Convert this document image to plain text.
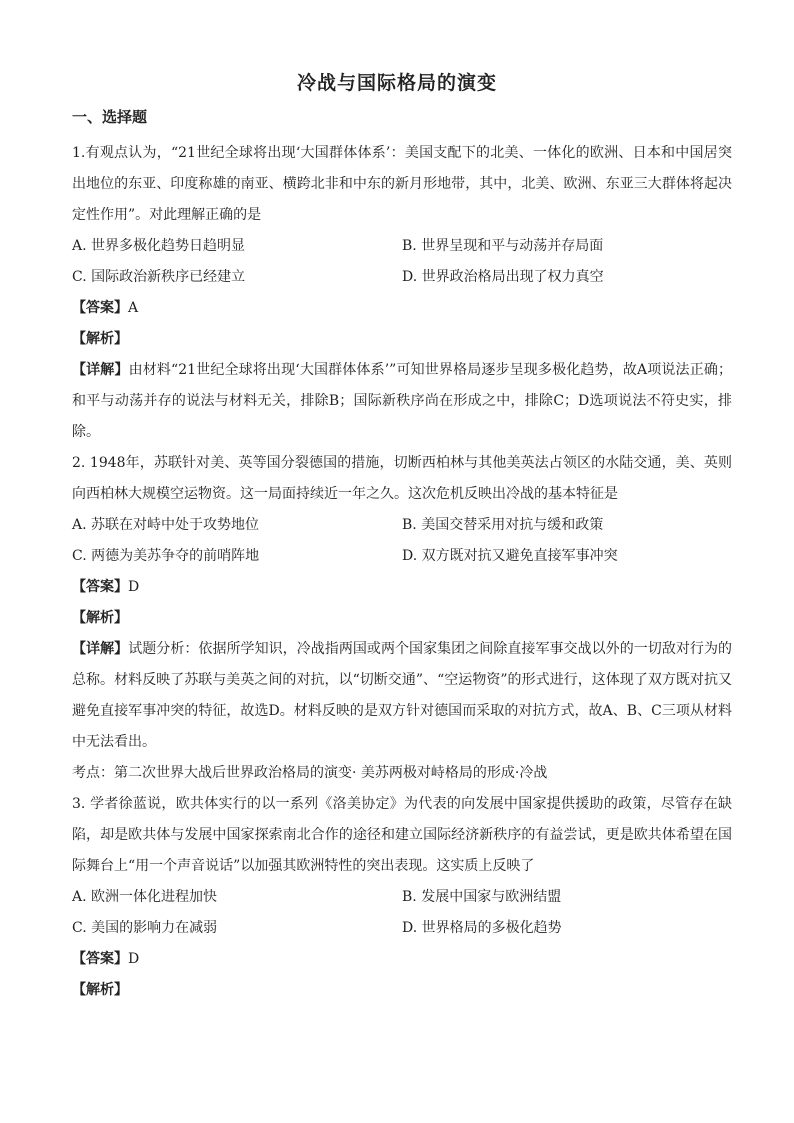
冷战与国际格局的演变
一、选择题

1.有观点认为，“21世纪全球将出现‘大国群体体系’：美国支配下的北美、一体化的欧洲、日本和中国居突出地位的东亚、印度称雄的南亚、横跨北非和中东的新月形地带，其中，北美、欧洲、东亚三大群体将起决定性作用”。对此理解正确的是

A. 世界多极化趋势日趋明显	B. 世界呈现和平与动荡并存局面
C. 国际政治新秩序已经建立	D. 世界政治格局出现了权力真空

【答案】A

【解析】

【详解】由材料“21世纪全球将出现‘大国群体体系’”可知世界格局逐步呈现多极化趋势，故A项说法正确；和平与动荡并存的说法与材料无关，排除B；国际新秩序尚在形成之中，排除C；D选项说法不符史实，排除。

2. 1948年，苏联针对美、英等国分裂德国的措施，切断西柏林与其他美英法占领区的水陆交通，美、英则向西柏林大规模空运物资。这一局面持续近一年之久。这次危机反映出冷战的基本特征是

A. 苏联在对峙中处于攻势地位	B. 美国交替采用对抗与缓和政策
C. 两德为美苏争夺的前哨阵地	D. 双方既对抗又避免直接军事冲突

【答案】D

【解析】

【详解】试题分析：依据所学知识，冷战指两国或两个国家集团之间除直接军事交战以外的一切敌对行为的总称。材料反映了苏联与美英之间的对抗，以“切断交通”、“空运物资”的形式进行，这体现了双方既对抗又避免直接军事冲突的特征，故选D。材料反映的是双方针对德国而采取的对抗方式，故A、B、C三项从材料中无法看出。

考点：第二次世界大战后世界政治格局的演变· 美苏两极对峙格局的形成·冷战

3. 学者徐蓝说，欧共体实行的以一系列《洛美协定》为代表的向发展中国家提供援助的政策，尽管存在缺陷，却是欧共体与发展中国家探索南北合作的途径和建立国际经济新秩序的有益尝试，更是欧共体希望在国际舞台上“用一个声音说话”以加强其欧洲特性的突出表现。这实质上反映了

A. 欧洲一体化进程加快	B. 发展中国家与欧洲结盟
C. 美国的影响力在减弱	D. 世界格局的多极化趋势

【答案】D

【解析】
